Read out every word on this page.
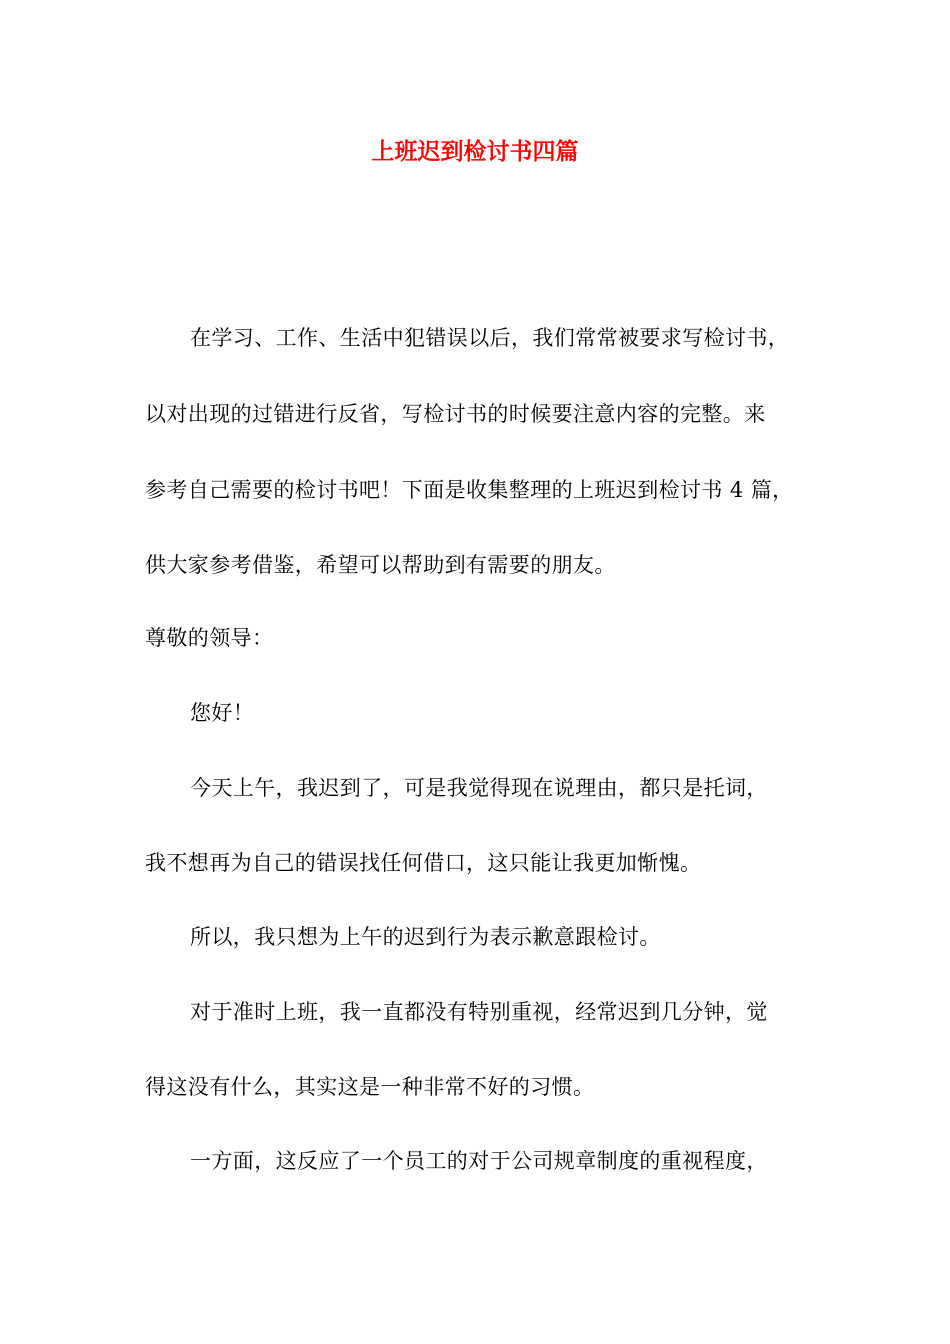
上班迟到检讨书四篇
在学习、工作、生活中犯错误以后，我们常常被要求写检讨书，
以对出现的过错进行反省，写检讨书的时候要注意内容的完整。来
参考自己需要的检讨书吧！下面是收集整理的上班迟到检讨书 4 篇，
供大家参考借鉴，希望可以帮助到有需要的朋友。
尊敬的领导：
您好！
今天上午，我迟到了，可是我觉得现在说理由，都只是托词，
我不想再为自己的错误找任何借口，这只能让我更加惭愧。
所以，我只想为上午的迟到行为表示歉意跟检讨。
对于准时上班，我一直都没有特别重视，经常迟到几分钟，觉
得这没有什么，其实这是一种非常不好的习惯。
一方面，这反应了一个员工的对于公司规章制度的重视程度，
